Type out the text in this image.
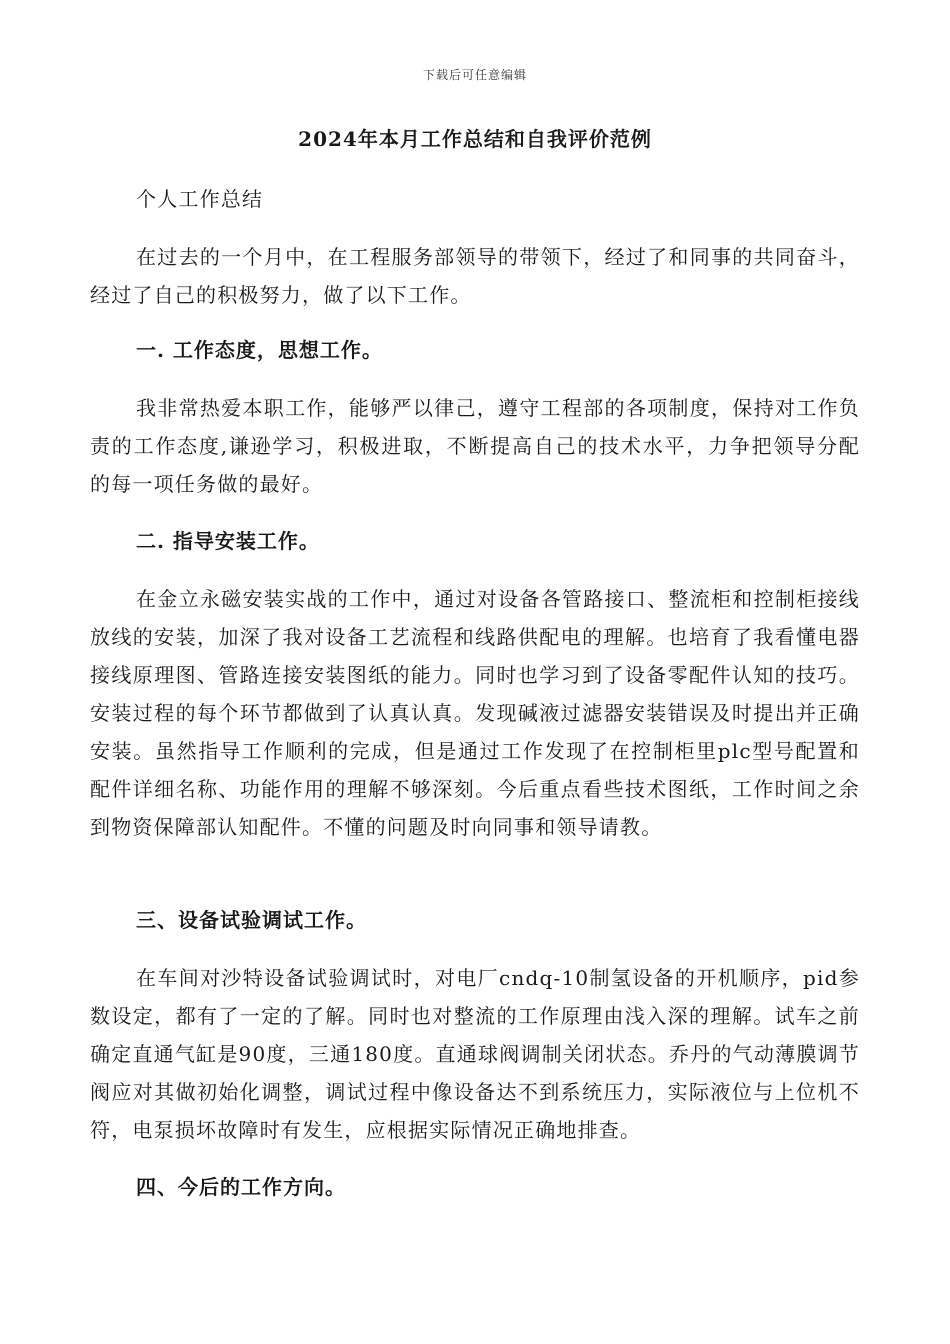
下载后可任意编辑
2024年本月工作总结和自我评价范例

个人工作总结

在过去的一个月中，在工程服务部领导的带领下，经过了和同事的共同奋斗，经过了自己的积极努力，做了以下工作。

一. 工作态度，思想工作。

我非常热爱本职工作，能够严以律己，遵守工程部的各项制度，保持对工作负责的工作态度,谦逊学习，积极进取，不断提高自己的技术水平，力争把领导分配的每一项任务做的最好。

二. 指导安装工作。

在金立永磁安装实战的工作中，通过对设备各管路接口、整流柜和控制柜接线放线的安装，加深了我对设备工艺流程和线路供配电的理解。也培育了我看懂电器接线原理图、管路连接安装图纸的能力。同时也学习到了设备零配件认知的技巧。安装过程的每个环节都做到了认真认真。发现碱液过滤器安装错误及时提出并正确安装。虽然指导工作顺利的完成，但是通过工作发现了在控制柜里plc型号配置和配件详细名称、功能作用的理解不够深刻。今后重点看些技术图纸，工作时间之余到物资保障部认知配件。不懂的问题及时向同事和领导请教。

三、设备试验调试工作。

在车间对沙特设备试验调试时，对电厂cndq-10制氢设备的开机顺序，pid参数设定，都有了一定的了解。同时也对整流的工作原理由浅入深的理解。试车之前确定直通气缸是90度，三通180度。直通球阀调制关闭状态。乔丹的气动薄膜调节阀应对其做初始化调整，调试过程中像设备达不到系统压力，实际液位与上位机不符，电泵损坏故障时有发生，应根据实际情况正确地排查。

四、今后的工作方向。
